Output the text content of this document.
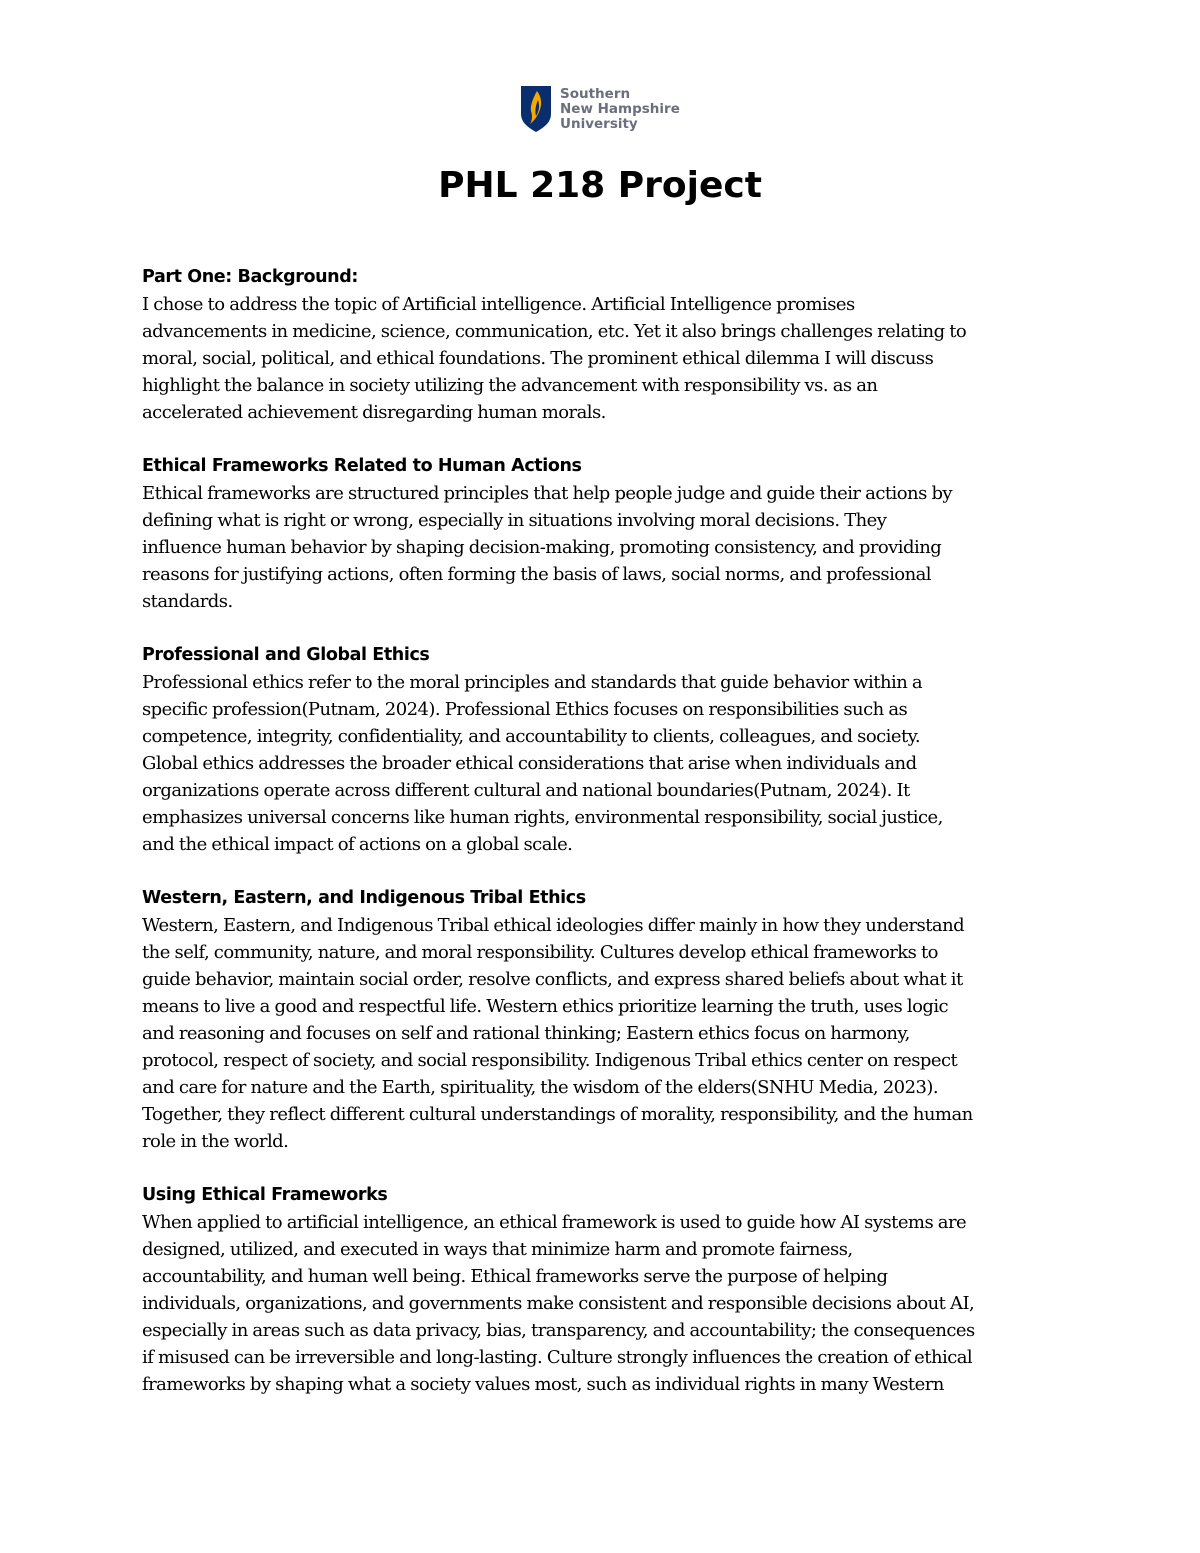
Southern
New Hampshire
University
PHL 218 Project

Part One: Background:

I chose to address the topic of Artificial intelligence. Artificial Intelligence promises
advancements in medicine, science, communication, etc. Yet it also brings challenges relating to
moral, social, political, and ethical foundations. The prominent ethical dilemma I will discuss
highlight the balance in society utilizing the advancement with responsibility vs. as an
accelerated achievement disregarding human morals.

Ethical Frameworks Related to Human Actions

Ethical frameworks are structured principles that help people judge and guide their actions by
defining what is right or wrong, especially in situations involving moral decisions. They
influence human behavior by shaping decision-making, promoting consistency, and providing
reasons for justifying actions, often forming the basis of laws, social norms, and professional
standards.

Professional and Global Ethics

Professional ethics refer to the moral principles and standards that guide behavior within a
specific profession(Putnam, 2024). Professional Ethics focuses on responsibilities such as
competence, integrity, confidentiality, and accountability to clients, colleagues, and society.
Global ethics addresses the broader ethical considerations that arise when individuals and
organizations operate across different cultural and national boundaries(Putnam, 2024). It
emphasizes universal concerns like human rights, environmental responsibility, social justice,
and the ethical impact of actions on a global scale.

Western, Eastern, and Indigenous Tribal Ethics

Western, Eastern, and Indigenous Tribal ethical ideologies differ mainly in how they understand
the self, community, nature, and moral responsibility. Cultures develop ethical frameworks to
guide behavior, maintain social order, resolve conflicts, and express shared beliefs about what it
means to live a good and respectful life. Western ethics prioritize learning the truth, uses logic
and reasoning and focuses on self and rational thinking; Eastern ethics focus on harmony,
protocol, respect of society, and social responsibility. Indigenous Tribal ethics center on respect
and care for nature and the Earth, spirituality, the wisdom of the elders(SNHU Media, 2023).
Together, they reflect different cultural understandings of morality, responsibility, and the human
role in the world.

Using Ethical Frameworks

When applied to artificial intelligence, an ethical framework is used to guide how AI systems are
designed, utilized, and executed in ways that minimize harm and promote fairness,
accountability, and human well being. Ethical frameworks serve the purpose of helping
individuals, organizations, and governments make consistent and responsible decisions about AI,
especially in areas such as data privacy, bias, transparency, and accountability; the consequences
if misused can be irreversible and long-lasting. Culture strongly influences the creation of ethical
frameworks by shaping what a society values most, such as individual rights in many Western
